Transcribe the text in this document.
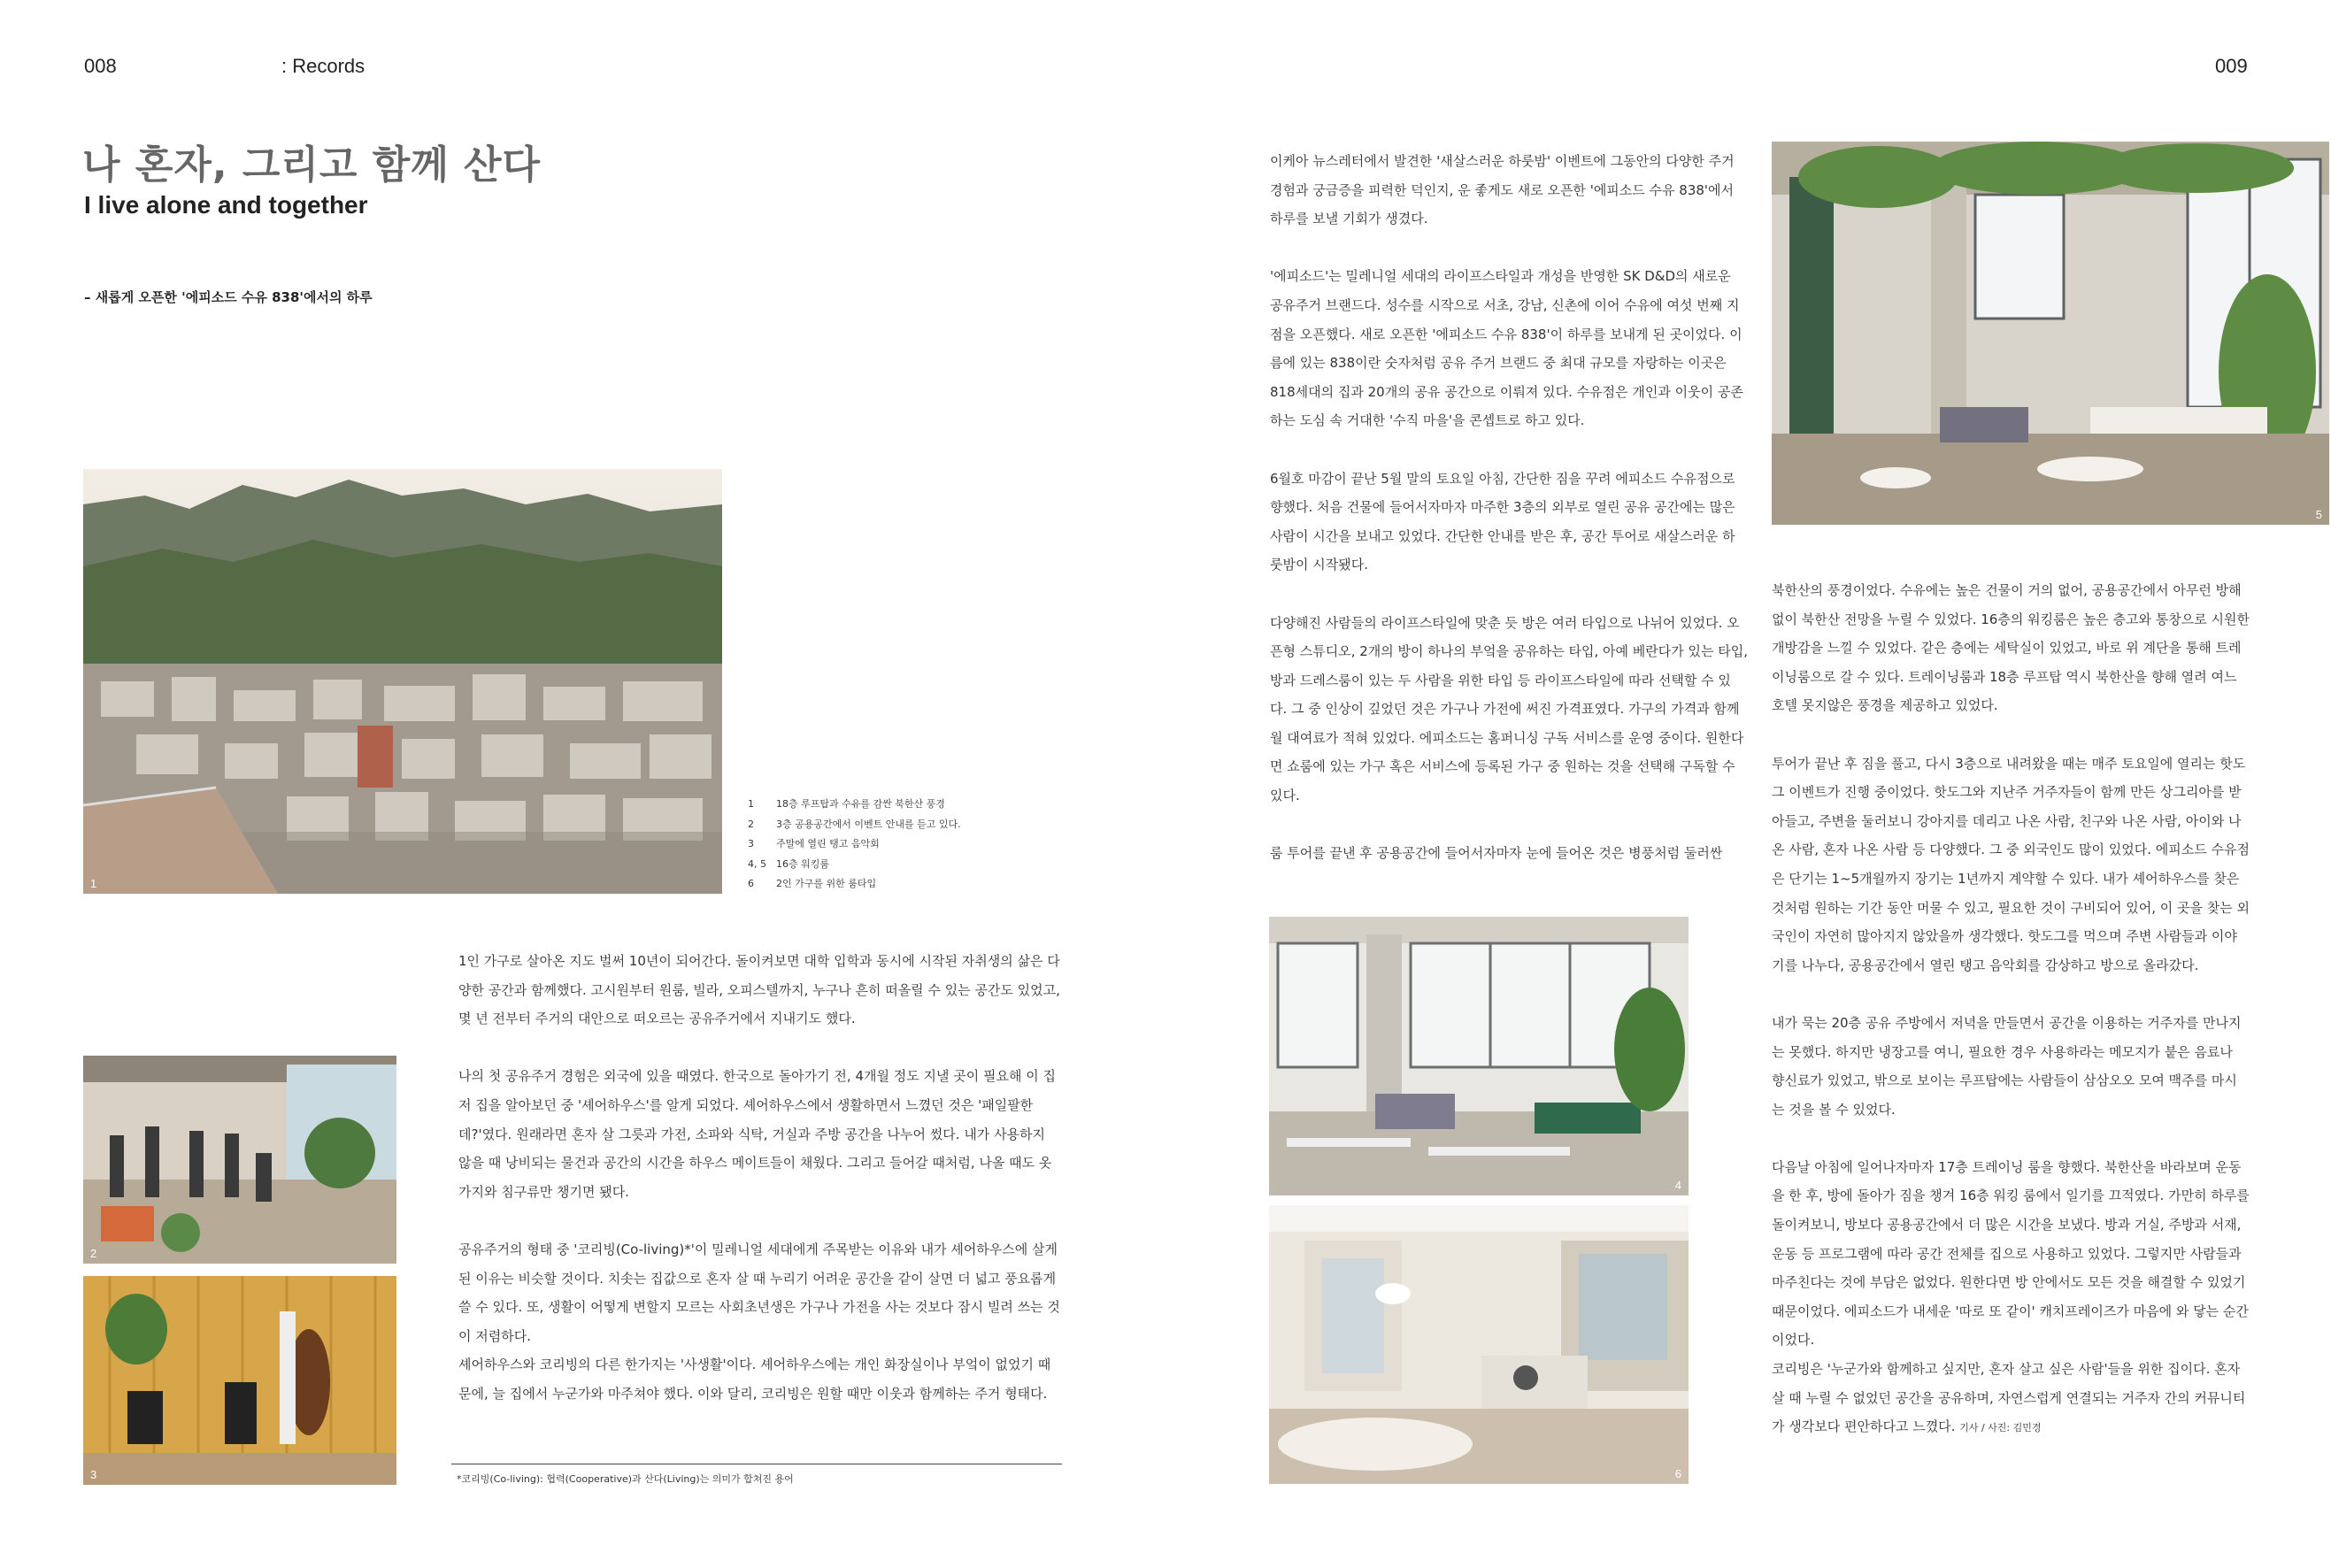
008	: Records	009
나 혼자, 그리고 함께 산다
I live alone and together
– 새롭게 오픈한 '에피소드 수유 838'에서의 하루
1
1 18층 루프탑과 수유를 감싼 북한산 풍경
2 3층 공용공간에서 이벤트 안내를 듣고 있다.
3 주말에 열린 탱고 음악회
4, 5 16층 워킹룸
6 2인 가구를 위한 룸타입
2
3

1인 가구로 살아온 지도 벌써 10년이 되어간다. 돌이켜보면 대학 입학과 동시에 시작된 자취생의 삶은 다양한 공간과 함께했다. 고시원부터 원룸, 빌라, 오피스텔까지, 누구나 흔히 떠올릴 수 있는 공간도 있었고, 몇 년 전부터 주거의 대안으로 떠오르는 공유주거에서 지내기도 했다.

나의 첫 공유주거 경험은 외국에 있을 때였다. 한국으로 돌아가기 전, 4개월 정도 지낼 곳이 필요해 이 집 저 집을 알아보던 중 '셰어하우스'를 알게 되었다. 셰어하우스에서 생활하면서 느꼈던 것은 '패일팔한데?'였다. 원래라면 혼자 살 그릇과 가전, 소파와 식탁, 거실과 주방 공간을 나누어 썼다. 내가 사용하지 않을 때 낭비되는 물건과 공간의 시간을 하우스 메이트들이 채웠다. 그리고 들어갈 때처럼, 나올 때도 옷가지와 침구류만 챙기면 됐다.

공유주거의 형태 중 '코리빙(Co-living)*'이 밀레니얼 세대에게 주목받는 이유와 내가 셰어하우스에 살게 된 이유는 비슷할 것이다. 치솟는 집값으로 혼자 살 때 누리기 어려운 공간을 같이 살면 더 넓고 풍요롭게 쓸 수 있다. 또, 생활이 어떻게 변할지 모르는 사회초년생은 가구나 가전을 사는 것보다 잠시 빌려 쓰는 것이 저렴하다.

셰어하우스와 코리빙의 다른 한가지는 '사생활'이다. 셰어하우스에는 개인 화장실이나 부엌이 없었기 때문에, 늘 집에서 누군가와 마주쳐야 했다. 이와 달리, 코리빙은 원할 때만 이웃과 함께하는 주거 형태다.

*코리빙(Co-living): 협력(Cooperative)과 산다(Living)는 의미가 합쳐진 용어

이케아 뉴스레터에서 발견한 '새살스러운 하룻밤' 이벤트에 그동안의 다양한 주거 경험과 궁금증을 피력한 덕인지, 운 좋게도 새로 오픈한 '에피소드 수유 838'에서 하루를 보낼 기회가 생겼다.

'에피소드'는 밀레니얼 세대의 라이프스타일과 개성을 반영한 SK D&D의 새로운 공유주거 브랜드다. 성수를 시작으로 서초, 강남, 신촌에 이어 수유에 여섯 번째 지점을 오픈했다. 새로 오픈한 '에피소드 수유 838'이 하루를 보내게 된 곳이었다. 이름에 있는 838이란 숫자처럼 공유 주거 브랜드 중 최대 규모를 자랑하는 이곳은 818세대의 집과 20개의 공유 공간으로 이뤄져 있다. 수유점은 개인과 이웃이 공존하는 도심 속 거대한 '수직 마을'을 콘셉트로 하고 있다.

6월호 마감이 끝난 5월 말의 토요일 아침, 간단한 짐을 꾸려 에피소드 수유점으로 향했다. 처음 건물에 들어서자마자 마주한 3층의 외부로 열린 공유 공간에는 많은 사람이 시간을 보내고 있었다. 간단한 안내를 받은 후, 공간 투어로 새살스러운 하룻밤이 시작됐다.

다양해진 사람들의 라이프스타일에 맞춘 듯 방은 여러 타입으로 나뉘어 있었다. 오픈형 스튜디오, 2개의 방이 하나의 부엌을 공유하는 타입, 아예 베란다가 있는 타입, 방과 드레스룸이 있는 두 사람을 위한 타입 등 라이프스타일에 따라 선택할 수 있다. 그 중 인상이 깊었던 것은 가구나 가전에 써진 가격표였다. 가구의 가격과 함께 월 대여료가 적혀 있었다. 에피소드는 홈퍼니싱 구독 서비스를 운영 중이다. 원한다면 쇼룸에 있는 가구 혹은 서비스에 등록된 가구 중 원하는 것을 선택해 구독할 수 있다.

룸 투어를 끝낸 후 공용공간에 들어서자마자 눈에 들어온 것은 병풍처럼 둘러싼

4
6
5

북한산의 풍경이었다. 수유에는 높은 건물이 거의 없어, 공용공간에서 아무런 방해 없이 북한산 전망을 누릴 수 있었다. 16층의 워킹룸은 높은 층고와 통창으로 시원한 개방감을 느낄 수 있었다. 같은 층에는 세탁실이 있었고, 바로 위 계단을 통해 트레이닝룸으로 갈 수 있다. 트레이닝룸과 18층 루프탑 역시 북한산을 향해 열려 여느 호텔 못지않은 풍경을 제공하고 있었다.

투어가 끝난 후 짐을 풀고, 다시 3층으로 내려왔을 때는 매주 토요일에 열리는 핫도그 이벤트가 진행 중이었다. 핫도그와 지난주 거주자들이 함께 만든 상그리아를 받아들고, 주변을 둘러보니 강아지를 데리고 나온 사람, 친구와 나온 사람, 아이와 나온 사람, 혼자 나온 사람 등 다양했다. 그 중 외국인도 많이 있었다. 에피소드 수유점은 단기는 1~5개월까지 장기는 1년까지 계약할 수 있다. 내가 셰어하우스를 찾은 것처럼 원하는 기간 동안 머물 수 있고, 필요한 것이 구비되어 있어, 이 곳을 찾는 외국인이 자연히 많아지지 않았을까 생각했다. 핫도그를 먹으며 주변 사람들과 이야기를 나누다, 공용공간에서 열린 탱고 음악회를 감상하고 방으로 올라갔다.

내가 묵는 20층 공유 주방에서 저녁을 만들면서 공간을 이용하는 거주자를 만나지는 못했다. 하지만 냉장고를 여니, 필요한 경우 사용하라는 메모지가 붙은 음료나 향신료가 있었고, 밖으로 보이는 루프탑에는 사람들이 삼삼오오 모여 맥주를 마시는 것을 볼 수 있었다.

다음날 아침에 일어나자마자 17층 트레이닝 룸을 향했다. 북한산을 바라보며 운동을 한 후, 방에 돌아가 짐을 챙겨 16층 워킹 룸에서 일기를 끄적였다. 가만히 하루를 돌이켜보니, 방보다 공용공간에서 더 많은 시간을 보냈다. 방과 거실, 주방과 서재, 운동 등 프로그램에 따라 공간 전체를 집으로 사용하고 있었다. 그렇지만 사람들과 마주친다는 것에 부담은 없었다. 원한다면 방 안에서도 모든 것을 해결할 수 있었기 때문이었다. 에피소드가 내세운 '따로 또 같이' 캐치프레이즈가 마음에 와 닿는 순간이었다.

코리빙은 '누군가와 함께하고 싶지만, 혼자 살고 싶은 사람'들을 위한 집이다. 혼자 살 때 누릴 수 없었던 공간을 공유하며, 자연스럽게 연결되는 거주자 간의 커뮤니티가 생각보다 편안하다고 느꼈다. 기사 / 사진: 김민경
